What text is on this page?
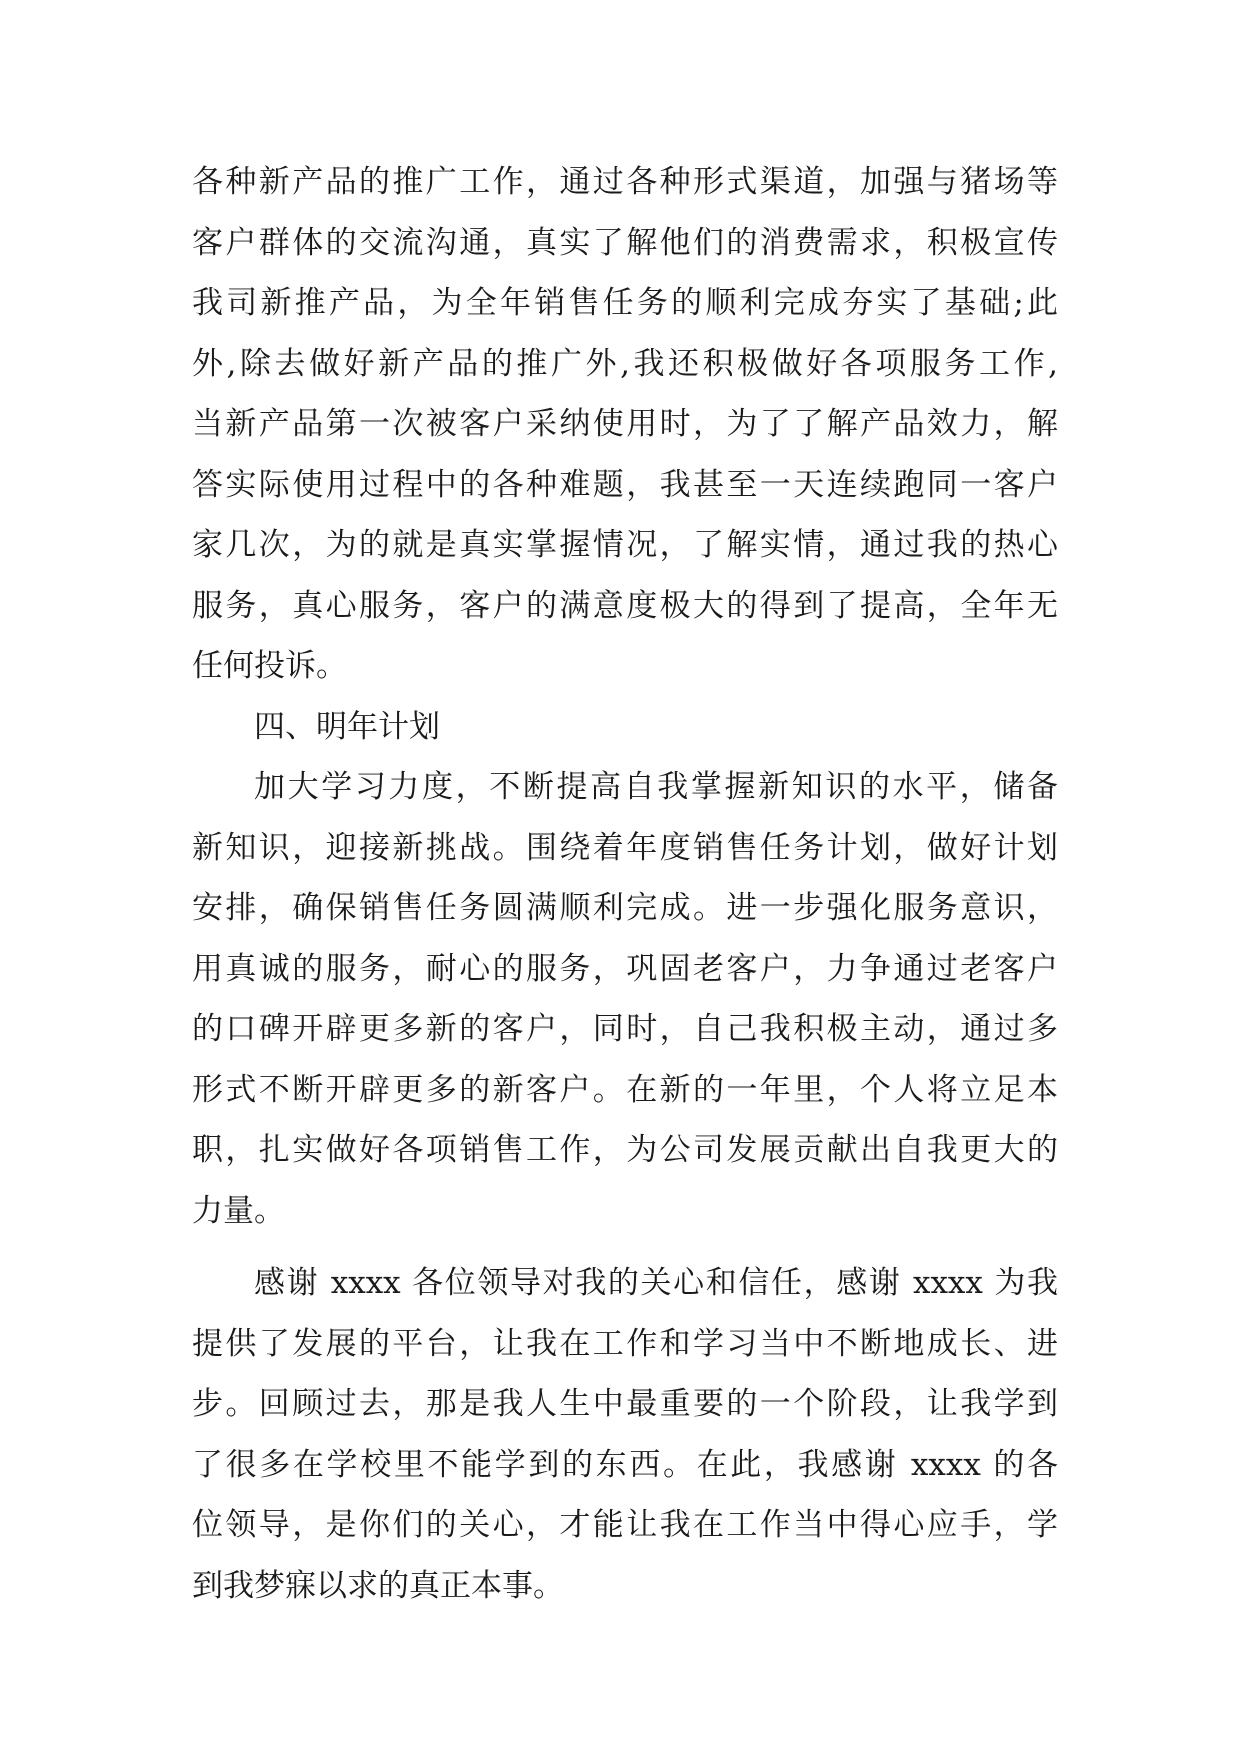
各种新产品的推广工作，通过各种形式渠道，加强与猪场等
客户群体的交流沟通，真实了解他们的消费需求，积极宣传
我司新推产品，为全年销售任务的顺利完成夯实了基础;此
外,除去做好新产品的推广外,我还积极做好各项服务工作,
当新产品第一次被客户采纳使用时，为了了解产品效力，解
答实际使用过程中的各种难题，我甚至一天连续跑同一客户
家几次，为的就是真实掌握情况，了解实情，通过我的热心
服务，真心服务，客户的满意度极大的得到了提高，全年无
任何投诉。
四、明年计划
加大学习力度，不断提高自我掌握新知识的水平，储备
新知识，迎接新挑战。围绕着年度销售任务计划，做好计划
安排，确保销售任务圆满顺利完成。进一步强化服务意识，
用真诚的服务，耐心的服务，巩固老客户，力争通过老客户
的口碑开辟更多新的客户，同时，自己我积极主动，通过多
形式不断开辟更多的新客户。在新的一年里，个人将立足本
职，扎实做好各项销售工作，为公司发展贡献出自我更大的
力量。
感谢 xxxx 各位领导对我的关心和信任，感谢 xxxx 为我
提供了发展的平台，让我在工作和学习当中不断地成长、进
步。回顾过去，那是我人生中最重要的一个阶段，让我学到
了很多在学校里不能学到的东西。在此，我感谢 xxxx 的各
位领导，是你们的关心，才能让我在工作当中得心应手，学
到我梦寐以求的真正本事。
